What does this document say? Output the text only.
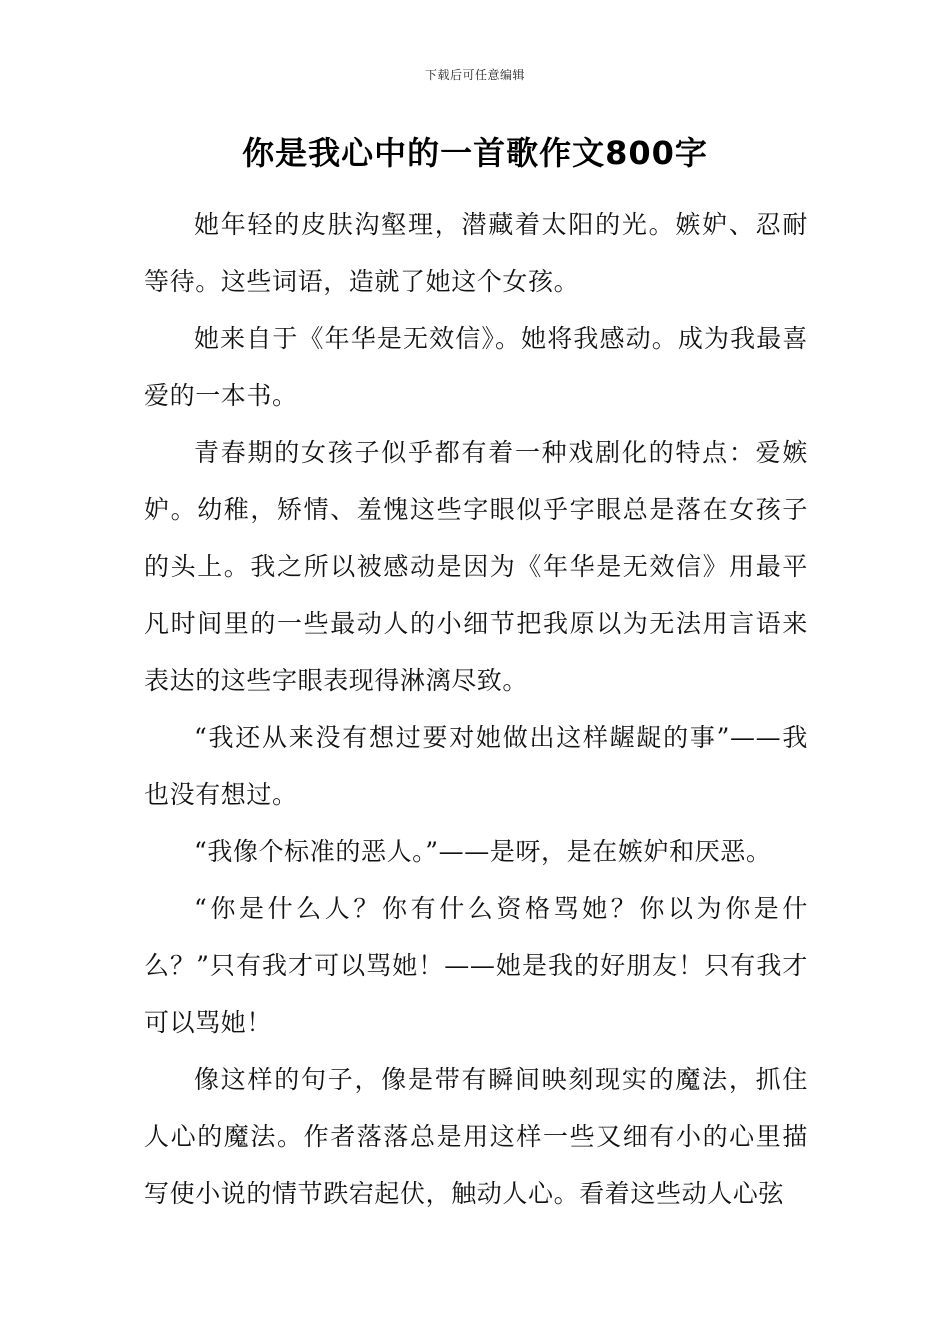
下载后可任意编辑
你是我心中的一首歌作文800字

她年轻的皮肤沟壑理，潜藏着太阳的光。嫉妒、忍耐等待。这些词语，造就了她这个女孩。

她来自于《年华是无效信》。她将我感动。成为我最喜爱的一本书。

青春期的女孩子似乎都有着一种戏剧化的特点：爱嫉妒。幼稚，矫情、羞愧这些字眼似乎字眼总是落在女孩子的头上。我之所以被感动是因为《年华是无效信》用最平凡时间里的一些最动人的小细节把我原以为无法用言语来表达的这些字眼表现得淋漓尽致。

“我还从来没有想过要对她做出这样龌龊的事”——我也没有想过。

“我像个标准的恶人。”——是呀，是在嫉妒和厌恶。

“你是什么人？你有什么资格骂她？你以为你是什么？”只有我才可以骂她！——她是我的好朋友！只有我才可以骂她！

像这样的句子，像是带有瞬间映刻现实的魔法，抓住人心的魔法。作者落落总是用这样一些又细有小的心里描写使小说的情节跌宕起伏，触动人心。看着这些动人心弦
